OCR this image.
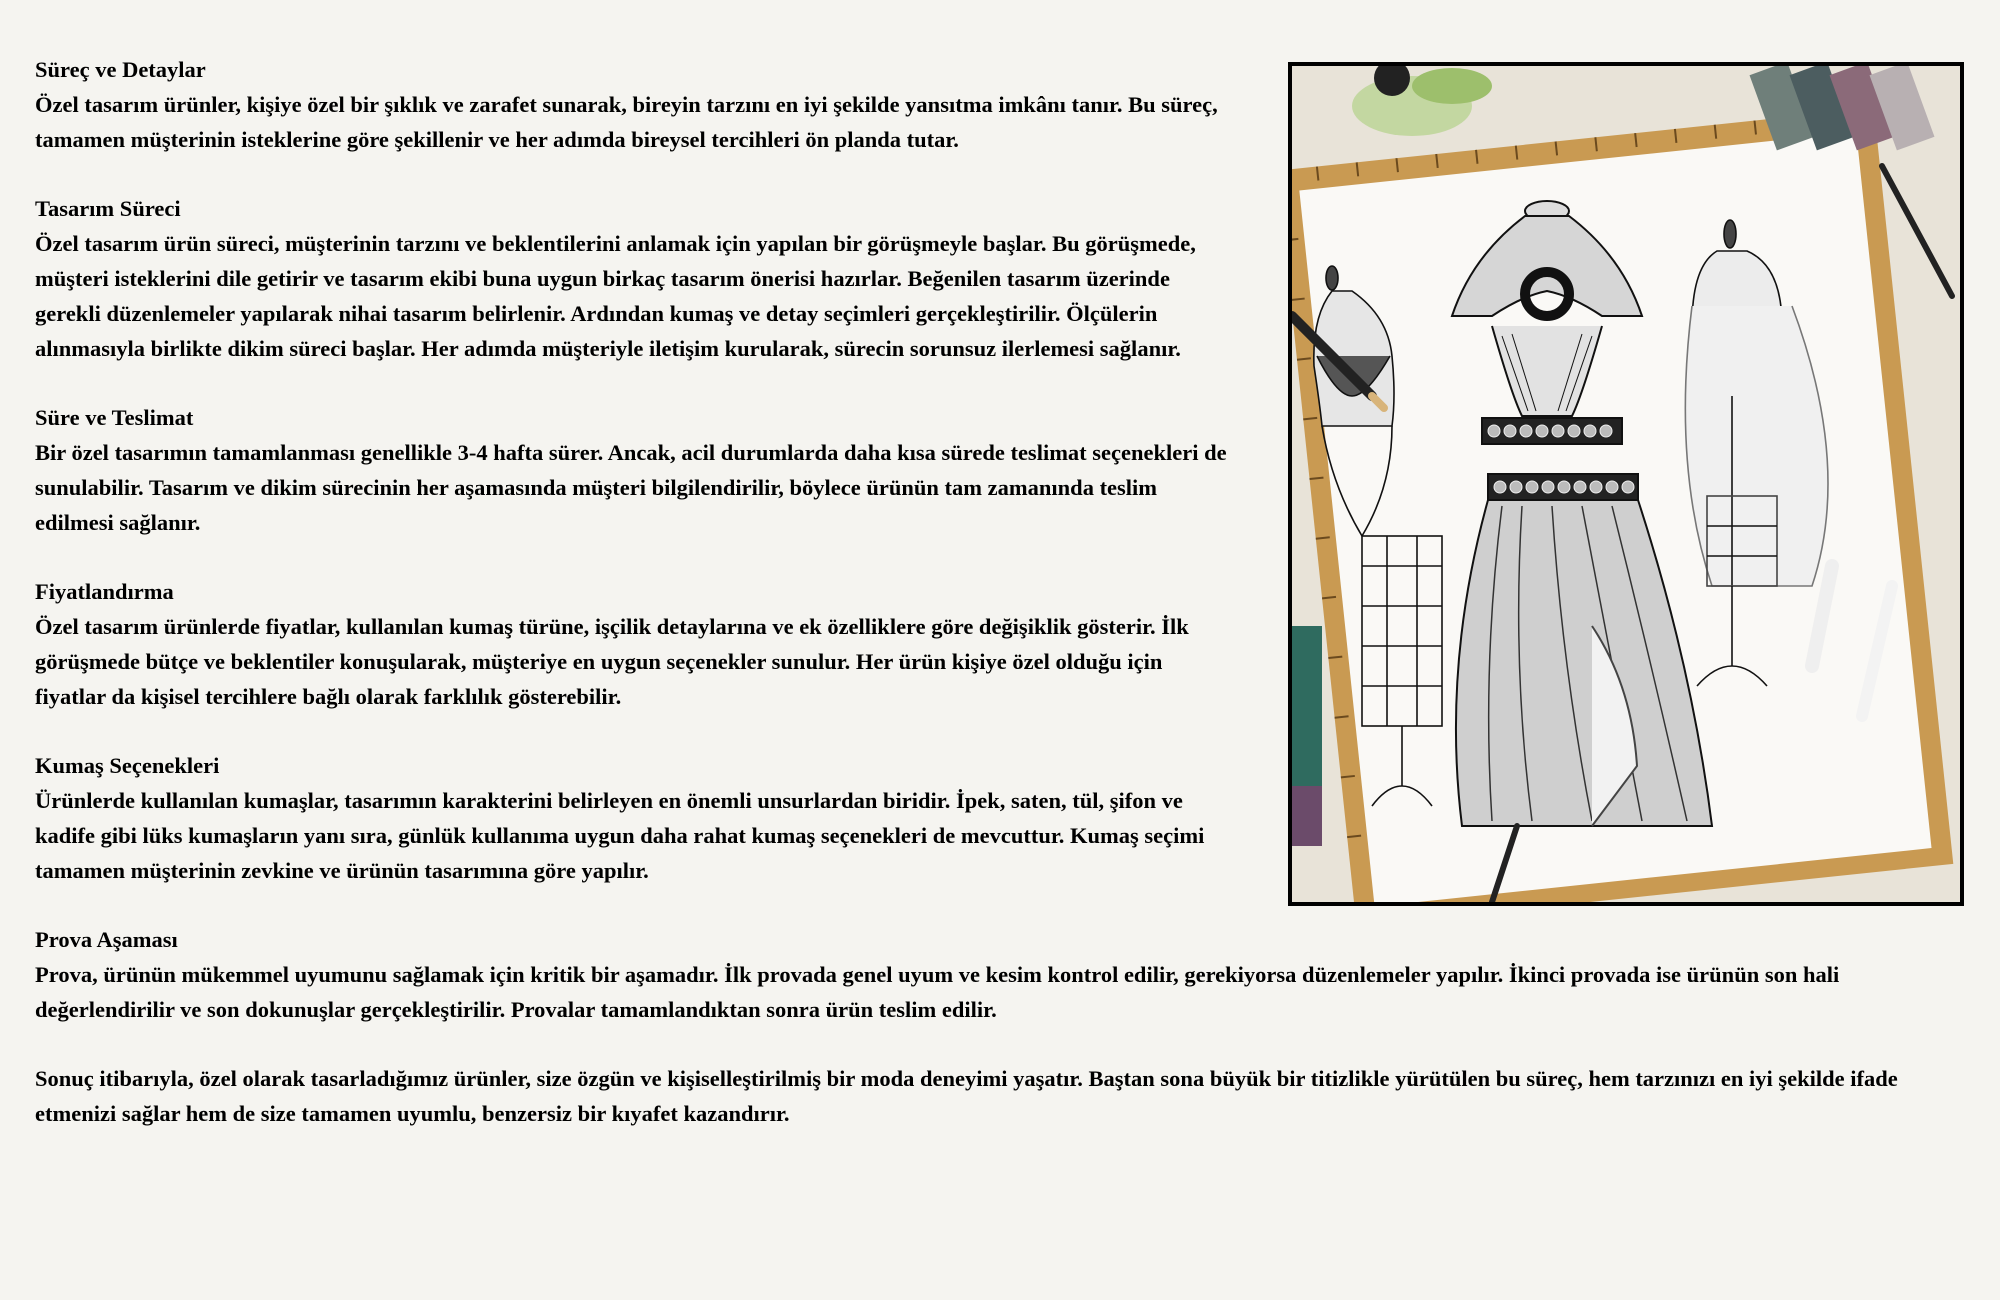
Süreç ve Detaylar

Özel tasarım ürünler, kişiye özel bir şıklık ve zarafet sunarak, bireyin tarzını en iyi şekilde yansıtma imkânı tanır. Bu süreç, tamamen müşterinin isteklerine göre şekillenir ve her adımda bireysel tercihleri ön planda tutar.

Tasarım Süreci

Özel tasarım ürün süreci, müşterinin tarzını ve beklentilerini anlamak için yapılan bir görüşmeyle başlar. Bu görüşmede, müşteri isteklerini dile getirir ve tasarım ekibi buna uygun birkaç tasarım önerisi hazırlar. Beğenilen tasarım üzerinde gerekli düzenlemeler yapılarak nihai tasarım belirlenir. Ardından kumaş ve detay seçimleri gerçekleştirilir. Ölçülerin alınmasıyla birlikte dikim süreci başlar. Her adımda müşteriyle iletişim kurularak, sürecin sorunsuz ilerlemesi sağlanır.

Süre ve Teslimat

Bir özel tasarımın tamamlanması genellikle 3-4 hafta sürer. Ancak, acil durumlarda daha kısa sürede teslimat seçenekleri de sunulabilir. Tasarım ve dikim sürecinin her aşamasında müşteri bilgilendirilir, böylece ürünün tam zamanında teslim edilmesi sağlanır.

Fiyatlandırma

Özel tasarım ürünlerde fiyatlar, kullanılan kumaş türüne, işçilik detaylarına ve ek özelliklere göre değişiklik gösterir. İlk görüşmede bütçe ve beklentiler konuşularak, müşteriye en uygun seçenekler sunulur. Her ürün kişiye özel olduğu için fiyatlar da kişisel tercihlere bağlı olarak farklılık gösterebilir.

Kumaş Seçenekleri

Ürünlerde kullanılan kumaşlar, tasarımın karakterini belirleyen en önemli unsurlardan biridir. İpek, saten, tül, şifon ve kadife gibi lüks kumaşların yanı sıra, günlük kullanıma uygun daha rahat kumaş seçenekleri de mevcuttur. Kumaş seçimi tamamen müşterinin zevkine ve ürünün tasarımına göre yapılır.

Prova Aşaması

Prova, ürünün mükemmel uyumunu sağlamak için kritik bir aşamadır. İlk provada genel uyum ve kesim kontrol edilir, gerekiyorsa düzenlemeler yapılır. İkinci provada ise ürünün son hali değerlendirilir ve son dokunuşlar gerçekleştirilir. Provalar tamamlandıktan sonra ürün teslim edilir.

Sonuç itibarıyla, özel olarak tasarladığımız ürünler, size özgün ve kişiselleştirilmiş bir moda deneyimi yaşatır. Baştan sona büyük bir titizlikle yürütülen bu süreç, hem tarzınızı en iyi şekilde ifade etmenizi sağlar hem de size tamamen uyumlu, benzersiz bir kıyafet kazandırır.
